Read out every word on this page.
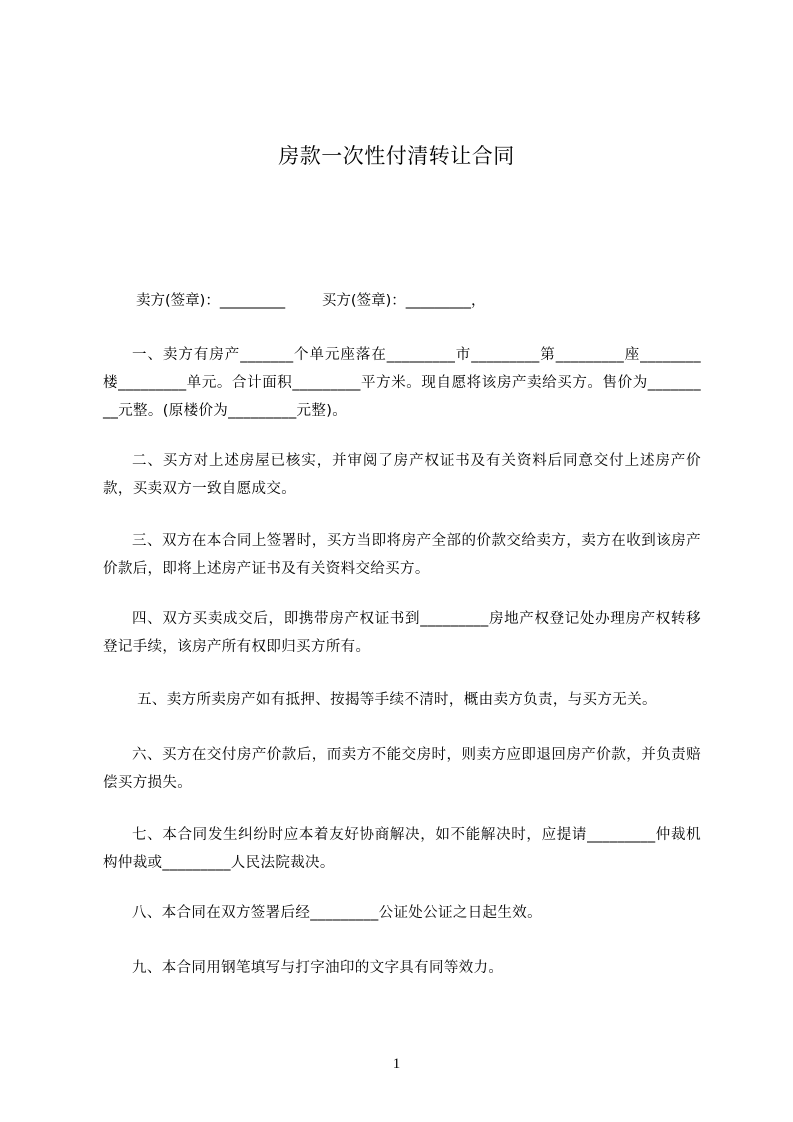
房款一次性付清转让合同
卖方(签章)：_________        买方(签章)：_________，
一、卖方有房产_______个单元座落在_________市_________第_________座________楼_________单元。合计面积_________平方米。现自愿将该房产卖给买方。售价为_________元整。(原楼价为_________元整)。
二、买方对上述房屋已核实，并审阅了房产权证书及有关资料后同意交付上述房产价款，买卖双方一致自愿成交。
三、双方在本合同上签署时，买方当即将房产全部的价款交给卖方，卖方在收到该房产价款后，即将上述房产证书及有关资料交给买方。
四、双方买卖成交后，即携带房产权证书到_________房地产权登记处办理房产权转移登记手续，该房产所有权即归买方所有。
五、卖方所卖房产如有抵押、按揭等手续不清时，概由卖方负责，与买方无关。
六、买方在交付房产价款后，而卖方不能交房时，则卖方应即退回房产价款，并负责赔偿买方损失。
七、本合同发生纠纷时应本着友好协商解决，如不能解决时，应提请_________仲裁机构仲裁或_________人民法院裁决。
八、本合同在双方签署后经_________公证处公证之日起生效。
九、本合同用钢笔填写与打字油印的文字具有同等效力。
1
